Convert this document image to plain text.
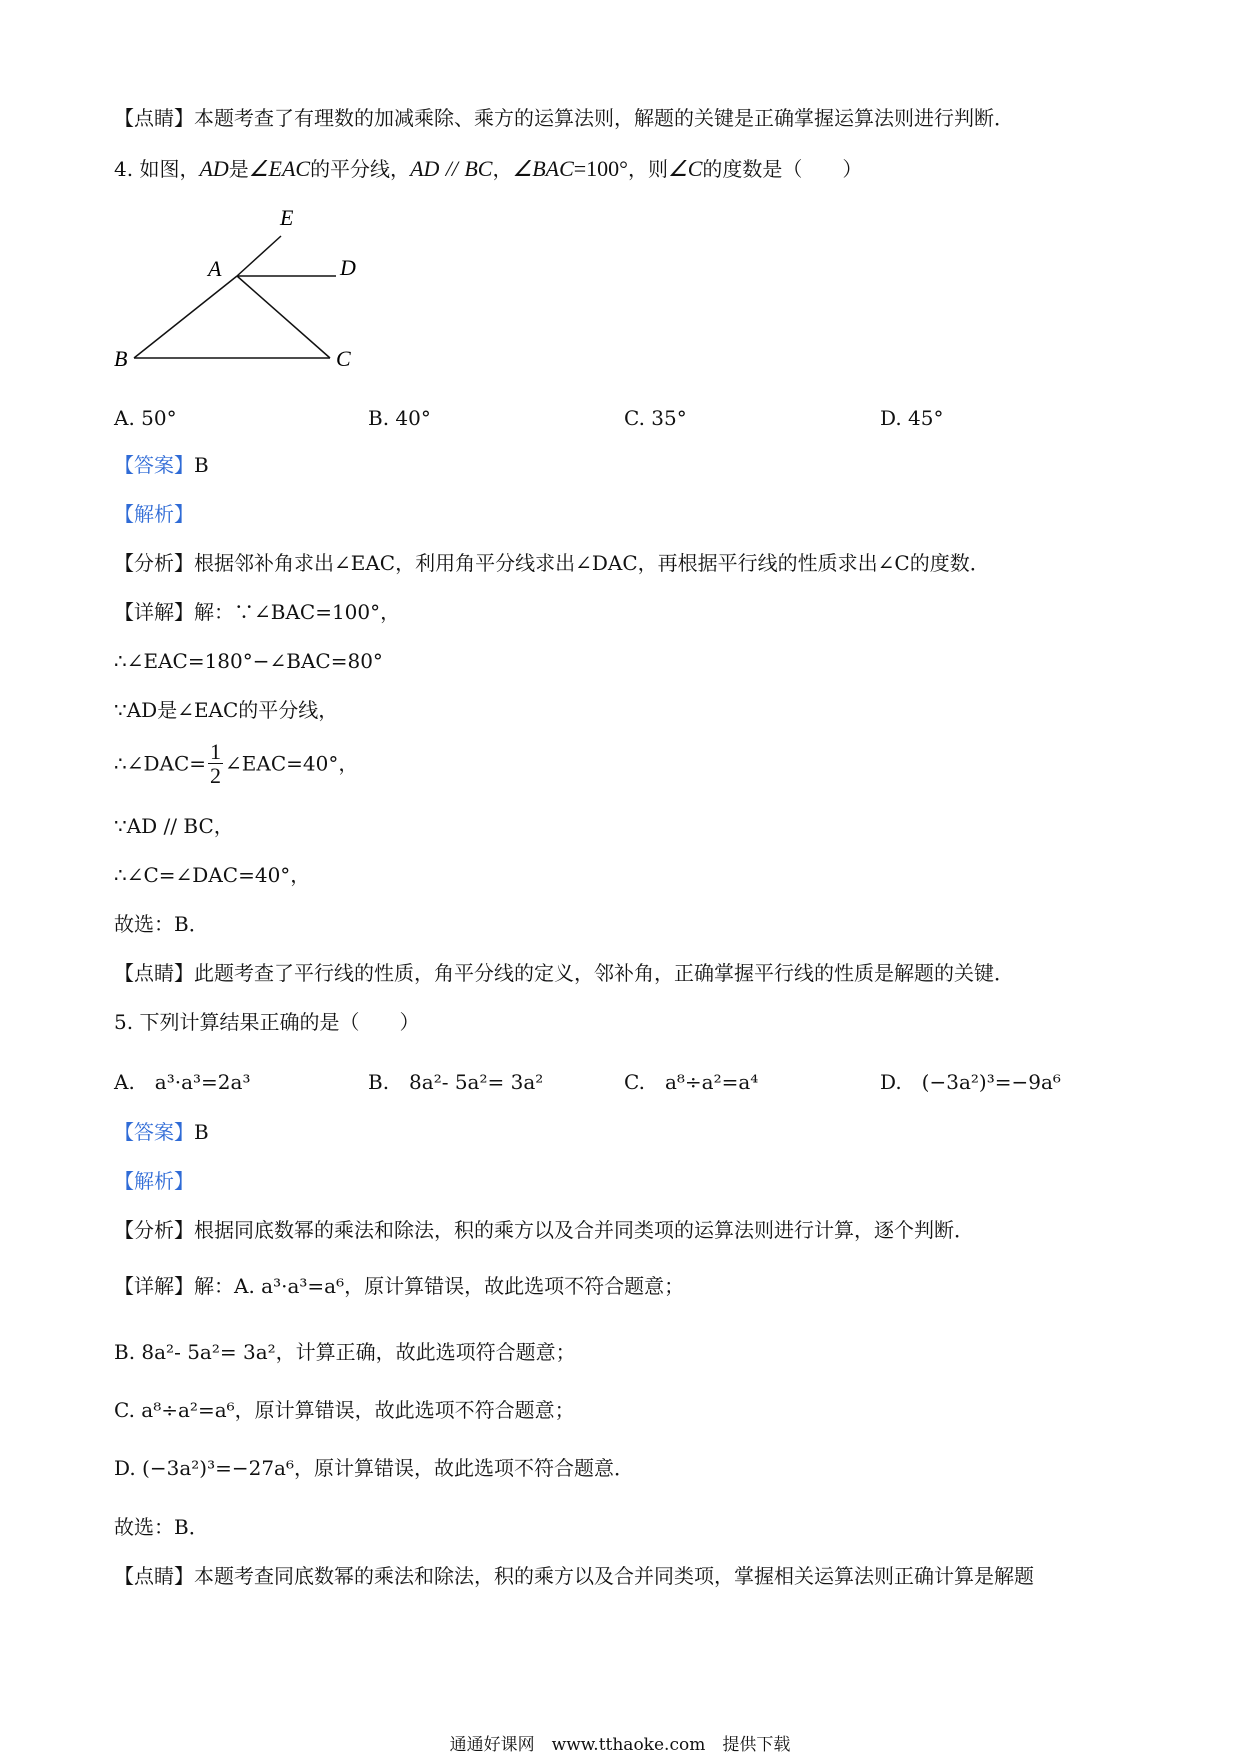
【点睛】本题考查了有理数的加减乘除、乘方的运算法则，解题的关键是正确掌握运算法则进行判断．
4. 如图，AD是∠EAC的平分线，AD // BC，∠BAC=100°，则∠C的度数是（　　）
E
A	D
B	C
A. 50°	B. 40°	C. 35°	D. 45°
【答案】B
【解析】
【分析】根据邻补角求出∠EAC，利用角平分线求出∠DAC，再根据平行线的性质求出∠C的度数．
【详解】解：∵∠BAC=100°，
∴∠EAC=180°−∠BAC=80°
∵AD是∠EAC的平分线，
∴∠DAC= $\frac{1}{2}$ ∠EAC=40°，
∵AD // BC，
∴∠C=∠DAC=40°，
故选：B．
【点睛】此题考查了平行线的性质，角平分线的定义，邻补角，正确掌握平行线的性质是解题的关键．
5. 下列计算结果正确的是（　　）
A.　a³·a³=2a³	B.　8a²- 5a²= 3a²	C.　a⁸÷a²=a⁴	D.　(−3a²)³=−9a⁶
【答案】B
【解析】
【分析】根据同底数幂的乘法和除法，积的乘方以及合并同类项的运算法则进行计算，逐个判断．
【详解】解：A. a³·a³=a⁶，原计算错误，故此选项不符合题意；
B. 8a²- 5a²= 3a²，计算正确，故此选项符合题意；
C. a⁸÷a²=a⁶，原计算错误，故此选项不符合题意；
D. (−3a²)³=−27a⁶，原计算错误，故此选项不符合题意．
故选：B．
【点睛】本题考查同底数幂的乘法和除法，积的乘方以及合并同类项，掌握相关运算法则正确计算是解题
通通好课网　www.tthaoke.com　提供下载
